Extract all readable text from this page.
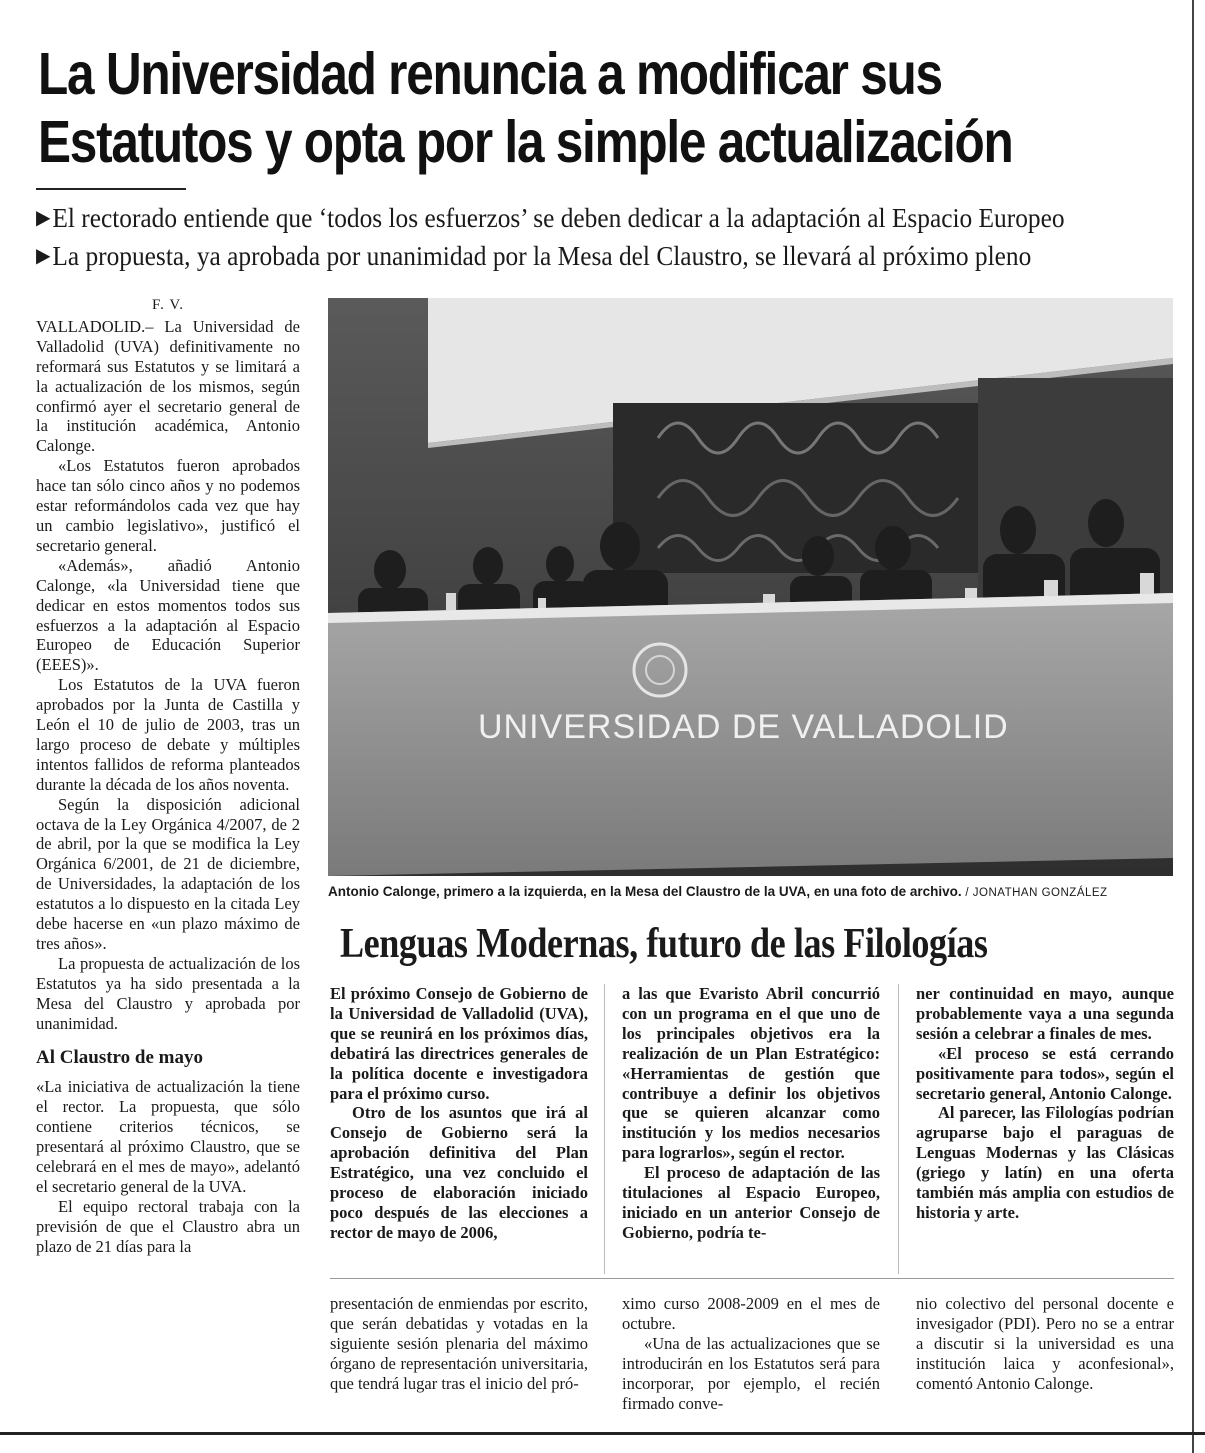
La Universidad renuncia a modificar sus
Estatutos y opta por la simple actualización
▶El rectorado entiende que ‘todos los esfuerzos’ se deben dedicar a la adaptación al Espacio Europeo
▶La propuesta, ya aprobada por unanimidad por la Mesa del Claustro, se llevará al próximo pleno
F. V.

VALLADOLID.– La Universidad de Valladolid (UVA) definitivamente no reformará sus Estatutos y se limitará a la actualización de los mismos, según confirmó ayer el secretario general de la institución académica, Antonio Calonge.

«Los Estatutos fueron aprobados hace tan sólo cinco años y no podemos estar reformándolos cada vez que hay un cambio legislativo», justificó el secretario general.

«Además», añadió Antonio Calonge, «la Universidad tiene que dedicar en estos momentos todos sus esfuerzos a la adaptación al Espacio Europeo de Educación Superior (EEES)».

Los Estatutos de la UVA fueron aprobados por la Junta de Castilla y León el 10 de julio de 2003, tras un largo proceso de debate y múltiples intentos fallidos de reforma planteados durante la década de los años noventa.

Según la disposición adicional octava de la Ley Orgánica 4/2007, de 2 de abril, por la que se modifica la Ley Orgánica 6/2001, de 21 de diciembre, de Universidades, la adaptación de los estatutos a lo dispuesto en la citada Ley debe hacerse en «un plazo máximo de tres años».

La propuesta de actualización de los Estatutos ya ha sido presentada a la Mesa del Claustro y aprobada por unanimidad.

Al Claustro de mayo

«La iniciativa de actualización la tiene el rector. La propuesta, que sólo contiene criterios técnicos, se presentará al próximo Claustro, que se celebrará en el mes de mayo», adelantó el secretario general de la UVA.

El equipo rectoral trabaja con la previsión de que el Claustro abra un plazo de 21 días para la

UNIVERSIDAD DE VALLADOLID
Antonio Calonge, primero a la izquierda, en la Mesa del Claustro de la UVA, en una foto de archivo. / JONATHAN GONZÁLEZ
Lenguas Modernas, futuro de las Filologías

El próximo Consejo de Gobierno de la Universidad de Valladolid (UVA), que se reunirá en los próximos días, debatirá las directrices generales de la política docente e investigadora para el próximo curso.

Otro de los asuntos que irá al Consejo de Gobierno será la aprobación definitiva del Plan Estratégico, una vez concluido el proceso de elaboración iniciado poco después de las elecciones a rector de mayo de 2006,

a las que Evaristo Abril concurrió con un programa en el que uno de los principales objetivos era la realización de un Plan Estratégico: «Herramientas de gestión que contribuye a definir los objetivos que se quieren alcanzar como institución y los medios necesarios para lograrlos», según el rector.

El proceso de adaptación de las titulaciones al Espacio Europeo, iniciado en un anterior Consejo de Gobierno, podría te-

ner continuidad en mayo, aunque probablemente vaya a una segunda sesión a celebrar a finales de mes.

«El proceso se está cerrando positivamente para todos», según el secretario general, Antonio Calonge.

Al parecer, las Filologías podrían agruparse bajo el paraguas de Lenguas Modernas y las Clásicas (griego y latín) en una oferta también más amplia con estudios de historia y arte.

presentación de enmiendas por escrito, que serán debatidas y votadas en la siguiente sesión plenaria del máximo órgano de representación universitaria, que tendrá lugar tras el inicio del pró-

ximo curso 2008-2009 en el mes de octubre.

«Una de las actualizaciones que se introducirán en los Estatutos será para incorporar, por ejemplo, el recién firmado conve-

nio colectivo del personal docente e invesigador (PDI). Pero no se a entrar a discutir si la universidad es una institución laica y aconfesional», comentó Antonio Calonge.
